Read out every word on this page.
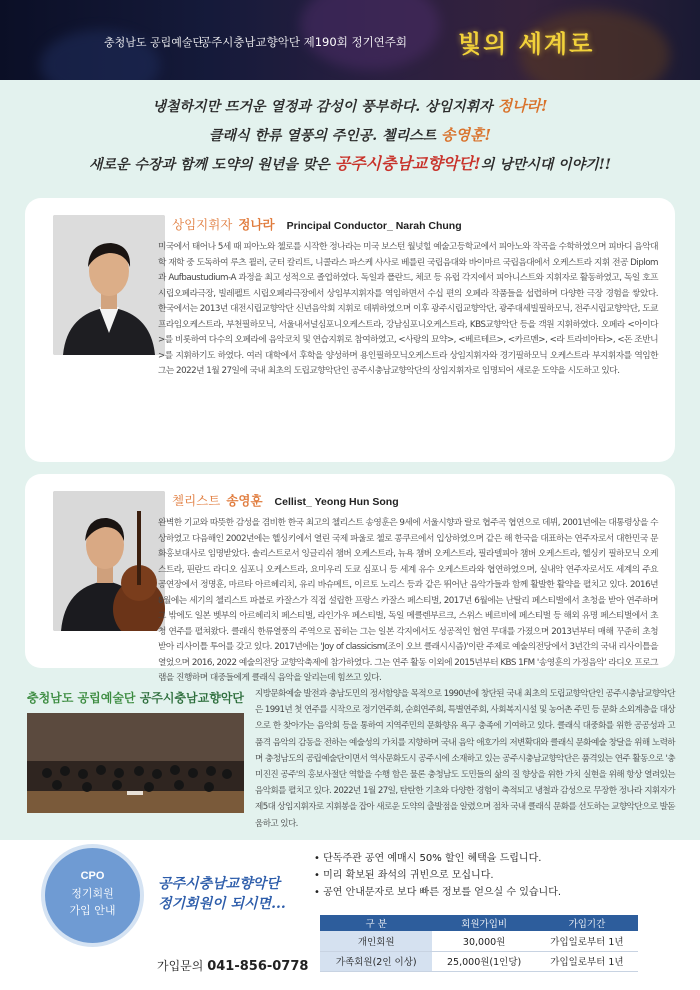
충청남도 공립예술단
공주시충남교향악단 제190회 정기연주회 빛의 세계로

냉철하지만 뜨거운 열정과 감성이 풍부하다. 상임지휘자 정나라!

클래식 한류 열풍의 주인공. 첼리스트 송영훈!

새로운 수장과 함께 도약의 원년을 맞은 공주시충남교향악단!의 낭만시대 이야기!!

상임지휘자 정나라 Principal Conductor_ Narah Chung
미국에서 태어나 5세 때 피아노와 첼로를 시작한 정나라는 미국 보스턴 월넛힐 예술고등학교에서 피아노와 작곡을 수학하였으며 피바디 음악대학 재학 중 도독하여 루츠 쾰러, 군터 칼리트, 니콜라스 파스케 사사로 베를린 국립음대와 바이마르 국립음대에서 오케스트라 지휘 전공 Diplom과 Aufbaustudium-A 과정을 최고 성적으로 졸업하였다. 독일과 폴란드, 체코 등 유럽 각지에서 피아니스트와 지휘자로 활동하였고, 독일 호프 시립오페라극장, 빌레펠트 시립오페라극장에서 상임부지휘자를 역임하면서 수십 편의 오페라 작품들을 섭렵하며 다양한 극장 경험을 쌓았다. 한국에서는 2013년 대전시립교향악단 신년음악회 지휘로 데뷔하였으며 이후 광주시립교향악단, 광주대세빌필하모닉, 전주시립교향악단, 도쿄프라임오케스트라, 부천필하모닉, 서울내셔널심포니오케스트라, 강남심포니오케스트라, KBS교향악단 등을 객원 지휘하였다. 오페라 <아이다>를 비롯하여 다수의 오페라에 음악코치 및 연습지휘로 참여하였고, <사랑의 묘약>, <베르테르>, <카르멘>, <라 트라비아타>, <돈 조반니>를 지휘하기도 하였다. 여러 대학에서 후학을 양성하며 용인필하모닉오케스트라 상임지휘자와 경기필하모닉 오케스트라 부지휘자를 역임한 그는 2022년 1월 27일에 국내 최초의 도립교향악단인 공주시충남교향악단의 상임지휘자로 임명되어 새로운 도약을 시도하고 있다.
첼리스트 송영훈 Cellist_ Yeong Hun Song
완벽한 기교와 따뜻한 감성을 겸비한 한국 최고의 첼리스트 송영훈은 9세에 서울시향과 랄로 협주곡 협연으로 데뷔, 2001년에는 대통령상을 수상하였고 다음해인 2002년에는 헬싱키에서 열린 국제 파울로 첼로 콩쿠르에서 입상하였으며 같은 해 한국을 대표하는 연주자로서 대한민국 문화홍보대사로 임명받았다. 솔리스트로서 잉글리쉬 챔버 오케스트라, 뉴욕 챔버 오케스트라, 필라델피아 챔버 오케스트라, 헬싱키 필하모닉 오케스트라, 핀란드 라디오 심포니 오케스트라, 요미우리 도쿄 심포니 등 세계 유수 오케스트라와 협연하였으며, 실내악 연주자로서도 세계의 주요 공연장에서 정명훈, 마르타 아르헤리치, 유리 바슈메트, 이르토 노리스 등과 같은 뛰어난 음악가들과 함께 활발한 활약을 펼치고 있다. 2016년 8월에는 세기의 첼리스트 파블로 카잘스가 직접 설립한 프랑스 카잘스 페스티벌, 2017년 6월에는 난탈리 페스티벌에서 초청을 받아 연주하며 그 밖에도 일본 벳부의 아르헤리치 페스티벌, 라인가우 페스티벌, 독일 메클렌부르크, 스위스 베르비에 페스티벌 등 해외 유명 페스티벌에서 초청 연주를 펼쳐왔다. 클래식 한류열풍의 주역으로 꼽히는 그는 일본 각지에서도 성공적인 협연 무대를 가졌으며 2013년부터 매해 꾸준히 초청받아 리사이틀 투어를 갖고 있다. 2017년에는 'Joy of classicism(조이 오브 클래시시즘)'이란 주제로 예술의전당에서 3년간의 국내 리사이틀을 열었으며 2016, 2022 예술의전당 교향악축제에 참가하였다. 그는 연주 활동 이외에 2015년부터 KBS 1FM '송영훈의 가정음악' 라디오 프로그램을 진행하며 대중들에게 클래식 음악을 알리는데 힘쓰고 있다.
충청남도 공립예술단 공주시충남교향악단 지방문화예술 발전과 충남도민의 정서함양을 목적으로 1990년에 창단된 국내 최초의 도립교향악단인 공주시충남교향악단은 1991년 첫 연주를 시작으로 정기연주회, 순회연주회, 특별연주회, 사회복지시설 및 농어촌 주민 등 문화 소외계층을 대상으로 한 찾아가는 음악회 등을 통하여 지역주민의 문화향유 욕구 충족에 기여하고 있다. 클래식 대중화를 위한 공공성과 고품격 음악의 감동을 전하는 예술성의 가치를 지향하며 국내 음악 애호가의 저변확대와 클래식 문화예술 창달을 위해 노력하며 충청남도의 공립예술단이면서 역사문화도시 공주시에 소재하고 있는 공주시충남교향악단은 품격있는 연주 활동으로 '충미진진 공주'의 홍보사절단 역할을 수행 함은 물론 충청남도 도민들의 삶의 질 향상을 위한 가치 실현을 위해 항상 열려있는 음악회를 펼치고 있다. 2022년 1월 27일, 탄탄한 기초와 다양한 경험이 축적되고 냉철과 감성으로 무장한 정나라 지휘자가 제5대 상임지휘자로 지휘봉을 잡아 새로운 도약의 출발점을 알렸으며 점차 국내 클래식 문화를 선도하는 교향악단으로 발돋움하고 있다.
CPO
정기회원
가입 안내
공주시충남교향악단
정기회원이 되시면...
가입문의 041-856-0778
• 단독주관 공연 예매시 50% 할인 혜택을 드립니다.
• 미리 확보된 좌석의 귀빈으로 모십니다.
• 공연 안내문자로 보다 빠른 정보를 얻으실 수 있습니다.
구 분	회원가입비	가입기간
개인회원	30,000원	가입일로부터 1년
가족회원(2인 이상)	25,000원(1인당)	가입일로부터 1년
